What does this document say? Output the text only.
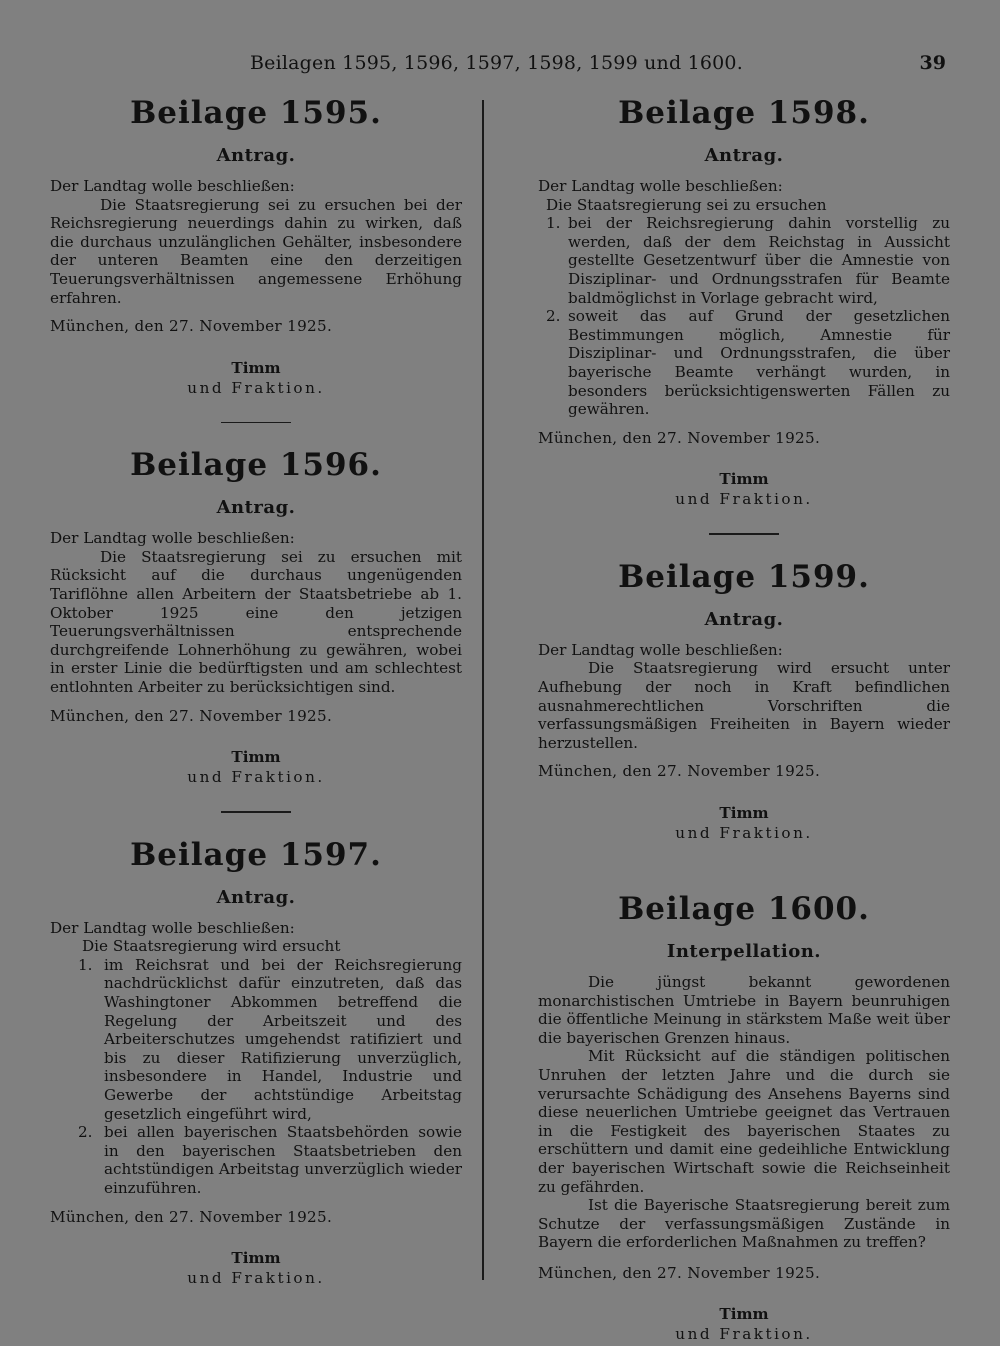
Beilagen 1595, 1596, 1597, 1598, 1599 und 1600.	39
Beilage 1595.
Antrag.

Der Landtag wolle beschließen:

Die Staatsregierung sei zu ersuchen bei der Reichsregierung neuerdings dahin zu wirken, daß die durchaus unzulänglichen Gehälter, insbesondere der unteren Beamten eine den derzeitigen Teuerungsverhältnissen angemessene Erhöhung erfahren.

München, den 27. November 1925.

Timm

und Fraktion.

Beilage 1596.
Antrag.

Der Landtag wolle beschließen:

Die Staatsregierung sei zu ersuchen mit Rücksicht auf die durchaus ungenügenden Tariflöhne allen Arbeitern der Staatsbetriebe ab 1. Oktober 1925 eine den jetzigen Teuerungsverhältnissen entsprechende durchgreifende Lohnerhöhung zu gewähren, wobei in erster Linie die bedürftigsten und am schlechtest entlohnten Arbeiter zu berücksichtigen sind.

München, den 27. November 1925.

Timm

und Fraktion.

Beilage 1597.
Antrag.

Der Landtag wolle beschließen:

Die Staatsregierung wird ersucht

1. im Reichsrat und bei der Reichsregierung nachdrücklichst dafür einzutreten, daß das Washingtoner Abkommen betreffend die Regelung der Arbeitszeit und des Arbeiterschutzes umgehendst ratifiziert und bis zu dieser Ratifizierung unverzüglich, insbesondere in Handel, Industrie und Gewerbe der achtstündige Arbeitstag gesetzlich eingeführt wird,
2. bei allen bayerischen Staatsbehörden sowie in den bayerischen Staatsbetrieben den achtstündigen Arbeitstag unverzüglich wieder einzuführen.

München, den 27. November 1925.

Timm

und Fraktion.

Beilage 1598.
Antrag.

Der Landtag wolle beschließen:

Die Staatsregierung sei zu ersuchen

1. bei der Reichsregierung dahin vorstellig zu werden, daß der dem Reichstag in Aussicht gestellte Gesetzentwurf über die Amnestie von Disziplinar- und Ordnungsstrafen für Beamte baldmöglichst in Vorlage gebracht wird,
2. soweit das auf Grund der gesetzlichen Bestimmungen möglich, Amnestie für Disziplinar- und Ordnungsstrafen, die über bayerische Beamte verhängt wurden, in besonders berücksichtigenswerten Fällen zu gewähren.

München, den 27. November 1925.

Timm

und Fraktion.

Beilage 1599.
Antrag.

Der Landtag wolle beschließen:

Die Staatsregierung wird ersucht unter Aufhebung der noch in Kraft befindlichen ausnahmerechtlichen Vorschriften die verfassungsmäßigen Freiheiten in Bayern wieder herzustellen.

München, den 27. November 1925.

Timm

und Fraktion.

Beilage 1600.
Interpellation.

Die jüngst bekannt gewordenen monarchistischen Umtriebe in Bayern beunruhigen die öffentliche Meinung in stärkstem Maße weit über die bayerischen Grenzen hinaus.

Mit Rücksicht auf die ständigen politischen Unruhen der letzten Jahre und die durch sie verursachte Schädigung des Ansehens Bayerns sind diese neuerlichen Umtriebe geeignet das Vertrauen in die Festigkeit des bayerischen Staates zu erschüttern und damit eine gedeihliche Entwicklung der bayerischen Wirtschaft sowie die Reichseinheit zu gefährden.

Ist die Bayerische Staatsregierung bereit zum Schutze der verfassungsmäßigen Zustände in Bayern die erforderlichen Maßnahmen zu treffen?

München, den 27. November 1925.

Timm

und Fraktion.
